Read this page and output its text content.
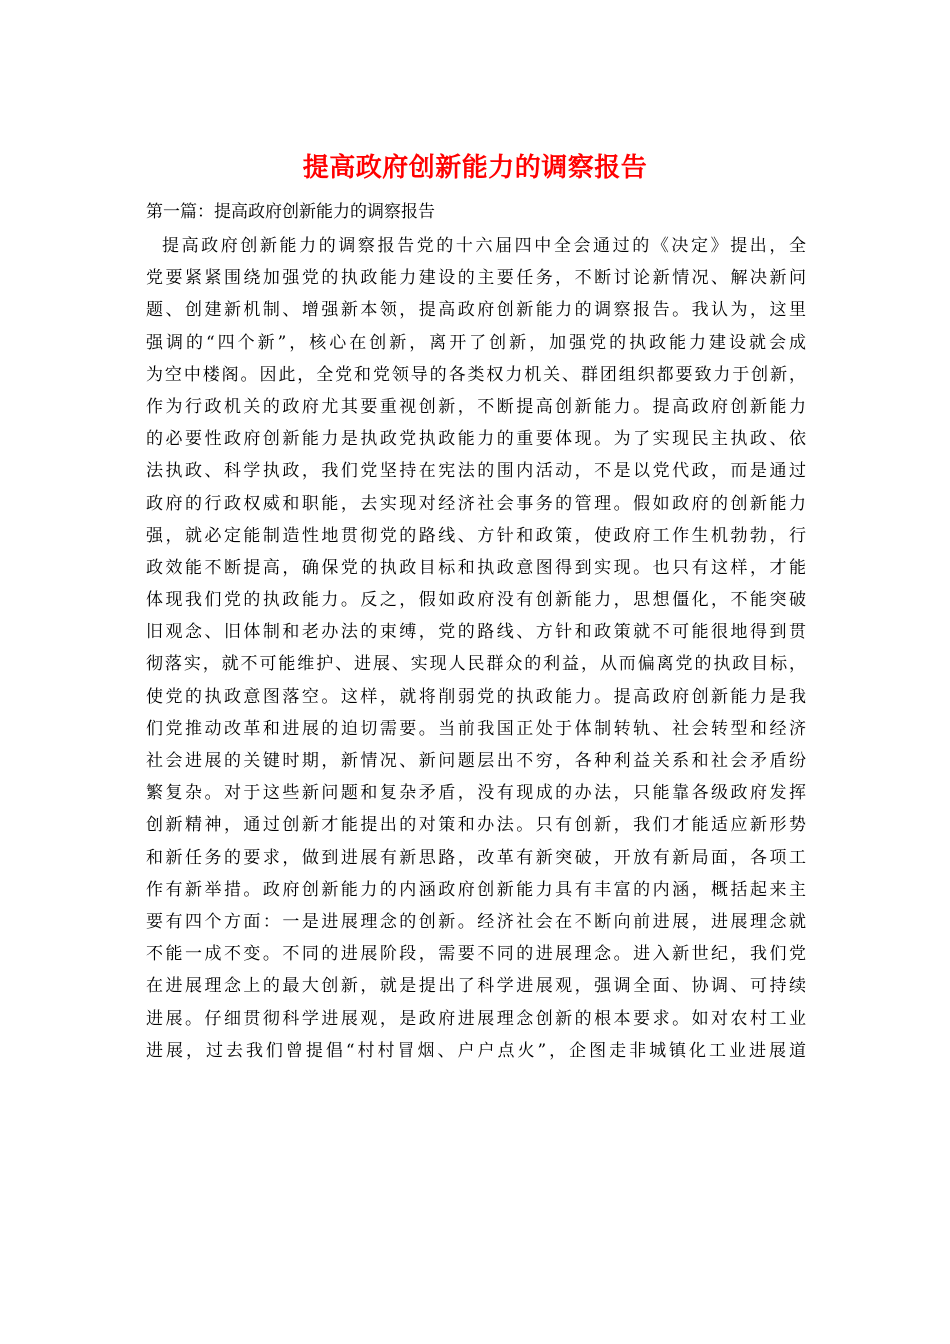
提高政府创新能力的调察报告
第一篇：提高政府创新能力的调察报告
提高政府创新能力的调察报告党的十六届四中全会通过的《决定》提出，全
党要紧紧围绕加强党的执政能力建设的主要任务，不断讨论新情况、解决新问
题、创建新机制、增强新本领，提高政府创新能力的调察报告。我认为，这里
强调的“四个新”，核心在创新，离开了创新，加强党的执政能力建设就会成
为空中楼阁。因此，全党和党领导的各类权力机关、群团组织都要致力于创新，
作为行政机关的政府尤其要重视创新，不断提高创新能力。提高政府创新能力
的必要性政府创新能力是执政党执政能力的重要体现。为了实现民主执政、依
法执政、科学执政，我们党坚持在宪法的围内活动，不是以党代政，而是通过
政府的行政权威和职能，去实现对经济社会事务的管理。假如政府的创新能力
强，就必定能制造性地贯彻党的路线、方针和政策，使政府工作生机勃勃，行
政效能不断提高，确保党的执政目标和执政意图得到实现。也只有这样，才能
体现我们党的执政能力。反之，假如政府没有创新能力，思想僵化，不能突破
旧观念、旧体制和老办法的束缚，党的路线、方针和政策就不可能很地得到贯
彻落实，就不可能维护、进展、实现人民群众的利益，从而偏离党的执政目标，
使党的执政意图落空。这样，就将削弱党的执政能力。提高政府创新能力是我
们党推动改革和进展的迫切需要。当前我国正处于体制转轨、社会转型和经济
社会进展的关键时期，新情况、新问题层出不穷，各种利益关系和社会矛盾纷
繁复杂。对于这些新问题和复杂矛盾，没有现成的办法，只能靠各级政府发挥
创新精神，通过创新才能提出的对策和办法。只有创新，我们才能适应新形势
和新任务的要求，做到进展有新思路，改革有新突破，开放有新局面，各项工
作有新举措。政府创新能力的内涵政府创新能力具有丰富的内涵，概括起来主
要有四个方面：一是进展理念的创新。经济社会在不断向前进展，进展理念就
不能一成不变。不同的进展阶段，需要不同的进展理念。进入新世纪，我们党
在进展理念上的最大创新，就是提出了科学进展观，强调全面、协调、可持续
进展。仔细贯彻科学进展观，是政府进展理念创新的根本要求。如对农村工业
进展，过去我们曾提倡“村村冒烟、户户点火”，企图走非城镇化工业进展道
